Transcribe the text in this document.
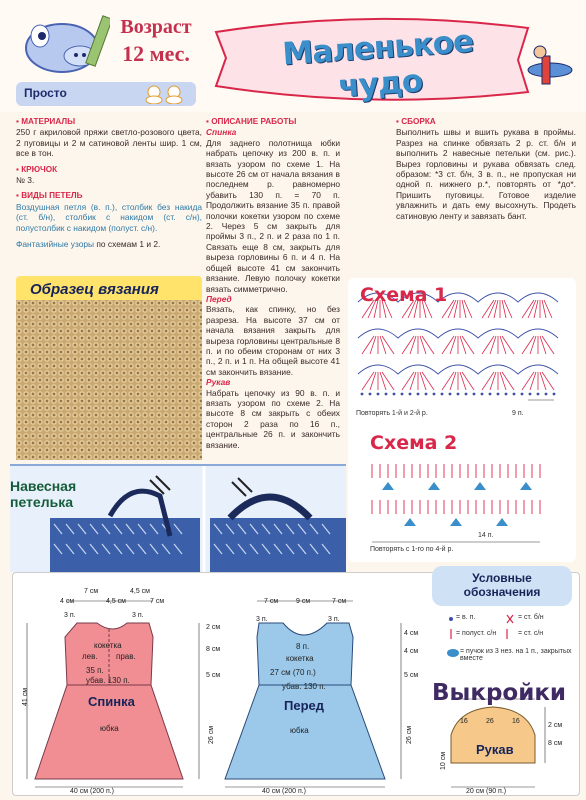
Возраст
12 мес.
Просто
Маленькое чудо
▪ МАТЕРИАЛЫ
250 г акриловой пряжи светло-розового цвета, 2 пуговицы и 2 м сатиновой ленты шир. 1 см, все в тон.
▪ КРЮЧОК
№ 3.
▪ ВИДЫ ПЕТЕЛЬ
Воздушная петля (в. п.), столбик без накида (ст. б/н), столбик с накидом (ст. с/н), полустолбик с накидом (полуст. с/н).
Фантазийные узоры по схемам 1 и 2.
Образец вязания
▪ ОПИСАНИЕ РАБОТЫ
Спинка
Для заднего полотнища юбки набрать цепочку из 200 в. п. и вязать узором по схеме 1. На высоте 26 см от начала вязания в последнем р. равномерно убавить 130 п. = 70 п. Продолжить вязание 35 п. правой полочки кокетки узором по схеме 2. Через 5 см закрыть для проймы 3 п., 2 п. и 2 раза по 1 п. Связать еще 8 см, закрыть для выреза горловины 6 п. и 4 п. На общей высоте 41 см закончить вязание. Левую полочку кокетки вязать симметрично.
Перед
Вязать, как спинку, но без разреза. На высоте 37 см от начала вязания закрыть для выреза горловины центральные 8 п. и по обеим сторонам от них 3 п., 2 п. и 1 п. На общей высоте 41 см закончить вязание.
Рукав
Набрать цепочку из 90 в. п. и вязать узором по схеме 2. На высоте 8 см закрыть с обеих сторон 2 раза по 16 п., центральные 26 п. и закончить вязание.
▪ СБОРКА
Выполнить швы и вшить рукава в проймы. Разрез на спинке обвязать 2 р. ст. б/н и выполнить 2 навесные петельки (см. рис.). Вырез горловины и рукава обвязать след. образом: *3 ст. б/н, 3 в. п., не пропуская ни одной п. нижнего р.*, повторять от *до*. Пришить пуговицы. Готовое изделие увлажнить и дать ему высохнуть. Продеть сатиновую ленту и завязать бант.
Навесная
петелька
Схема 1
Повторять 1-й и 2-й р.	9 п.
Схема 2
14 п.
Повторять с 1-го по 4-й р.
кокетка
лев. прав.
35 п.
убав. 130 п.
Спинка
юбка
4 см
7 см
4,5 см
4,5 см
7 см
3 п.	3 п.
2 см
8 см
5 см
26 см
41 см
40 см (200 п.)
8 п.
кокетка
27 см (70 п.)
убав. 130 п.
Перед
юбка
7 см	9 см	7 см
3 п.	3 п.
4 см
4 см
5 см
26 см
40 см (200 п.)
Условные
обозначения
= в. п.	= ст. б/н
= полуст. с/н	= ст. с/н
= пучок из 3 нез. на 1 п., закрытых вместе
Выкройки
16	26	16
2 см
8 см
10 см
Рукав
20 см (90 п.)
